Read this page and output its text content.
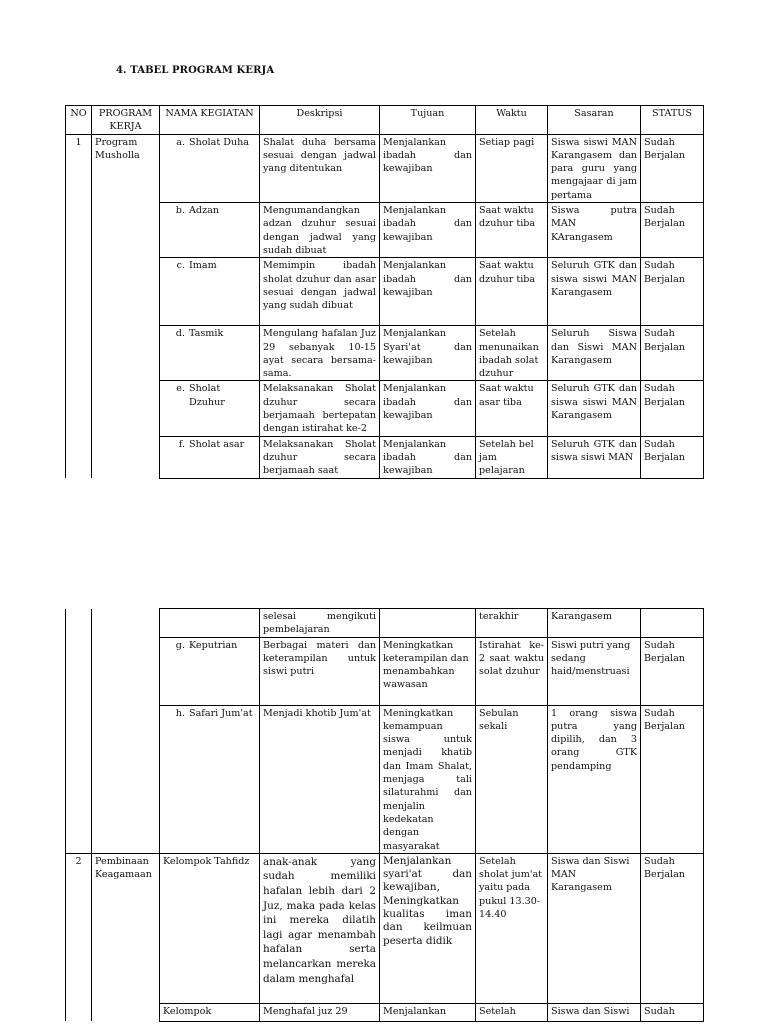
4. TABEL PROGRAM KERJA
NO	PROGRAM KERJA	NAMA KEGIATAN	Deskripsi	Tujuan	Waktu	Sasaran	STATUS
1	Program Musholla	a. Sholat Duha	Shalat duha bersama sesuai dengan jadwal yang ditentukan	Menjalankan ibadah dan kewajiban	Setiap pagi	Siswa siswi MAN Karangasem dan para guru yang mengajaar di jam pertama	Sudah Berjalan

		b. Adzan	Mengumandangkan adzan dzuhur sesuai dengan jadwal yang sudah dibuat	Menjalankan ibadah dan kewajiban	Saat waktu dzuhur tiba	Siswa putra MAN KArangasem	Sudah Berjalan

		c. Imam	Memimpin ibadah sholat dzuhur dan asar sesuai dengan jadwal yang sudah dibuat	Menjalankan ibadah dan kewajiban	Saat waktu dzuhur tiba	Seluruh GTK dan siswa siswi MAN Karangasem	Sudah Berjalan

		d. Tasmik	Mengulang hafalan Juz 29 sebanyak 10-15 ayat secara bersama-sama.	Menjalankan Syari'at dan kewajiban	Setelah menunaikan ibadah solat dzuhur	Seluruh Siswa dan Siswi MAN Karangasem	Sudah Berjalan

		e. Sholat Dzuhur	Melaksanakan Sholat dzuhur secara berjamaah bertepatan dengan istirahat ke-2	Menjalankan ibadah dan kewajiban	Saat waktu asar tiba	Seluruh GTK dan siswa siswi MAN Karangasem	Sudah Berjalan

		f. Sholat asar	Melaksanakan Sholat dzuhur secara berjamaah saat	Menjalankan ibadah dan kewajiban	Setelah bel jam pelajaran	Seluruh GTK dan siswa siswi MAN	Sudah Berjalan
			selesai mengikuti pembelajaran		terakhir	Karangasem	

		g. Keputrian	Berbagai materi dan keterampilan untuk siswi putri	Meningkatkan keterampilan dan menambahkan wawasan	Istirahat ke-2 saat waktu solat dzuhur	Siswi putri yang sedang haid/menstruasi	Sudah Berjalan

		h. Safari Jum'at	Menjadi khotib Jum'at	Meningkatkan kemampuan siswa untuk menjadi khatib dan Imam Shalat, menjaga tali silaturahmi dan menjalin kedekatan dengan masyarakat	Sebulan sekali	1 orang siswa putra yang dipilih, dan 3 orang GTK pendamping	Sudah Berjalan
2	Pembinaan Keagamaan	Kelompok Tahfidz	anak-anak yang sudah memiliki hafalan lebih dari 2 Juz, maka pada kelas ini mereka dilatih lagi agar menambah hafalan serta melancarkan mereka dalam menghafal	Menjalankan syari'at dan kewajiban, Meningkatkan kualitas iman dan keilmuan peserta didik	Setelah sholat jum'at yaitu pada pukul 13.30-14.40	Siswa dan Siswi MAN Karangasem	Sudah Berjalan
		Kelompok	Menghafal juz 29	Menjalankan	Setelah	Siswa dan Siswi	Sudah
